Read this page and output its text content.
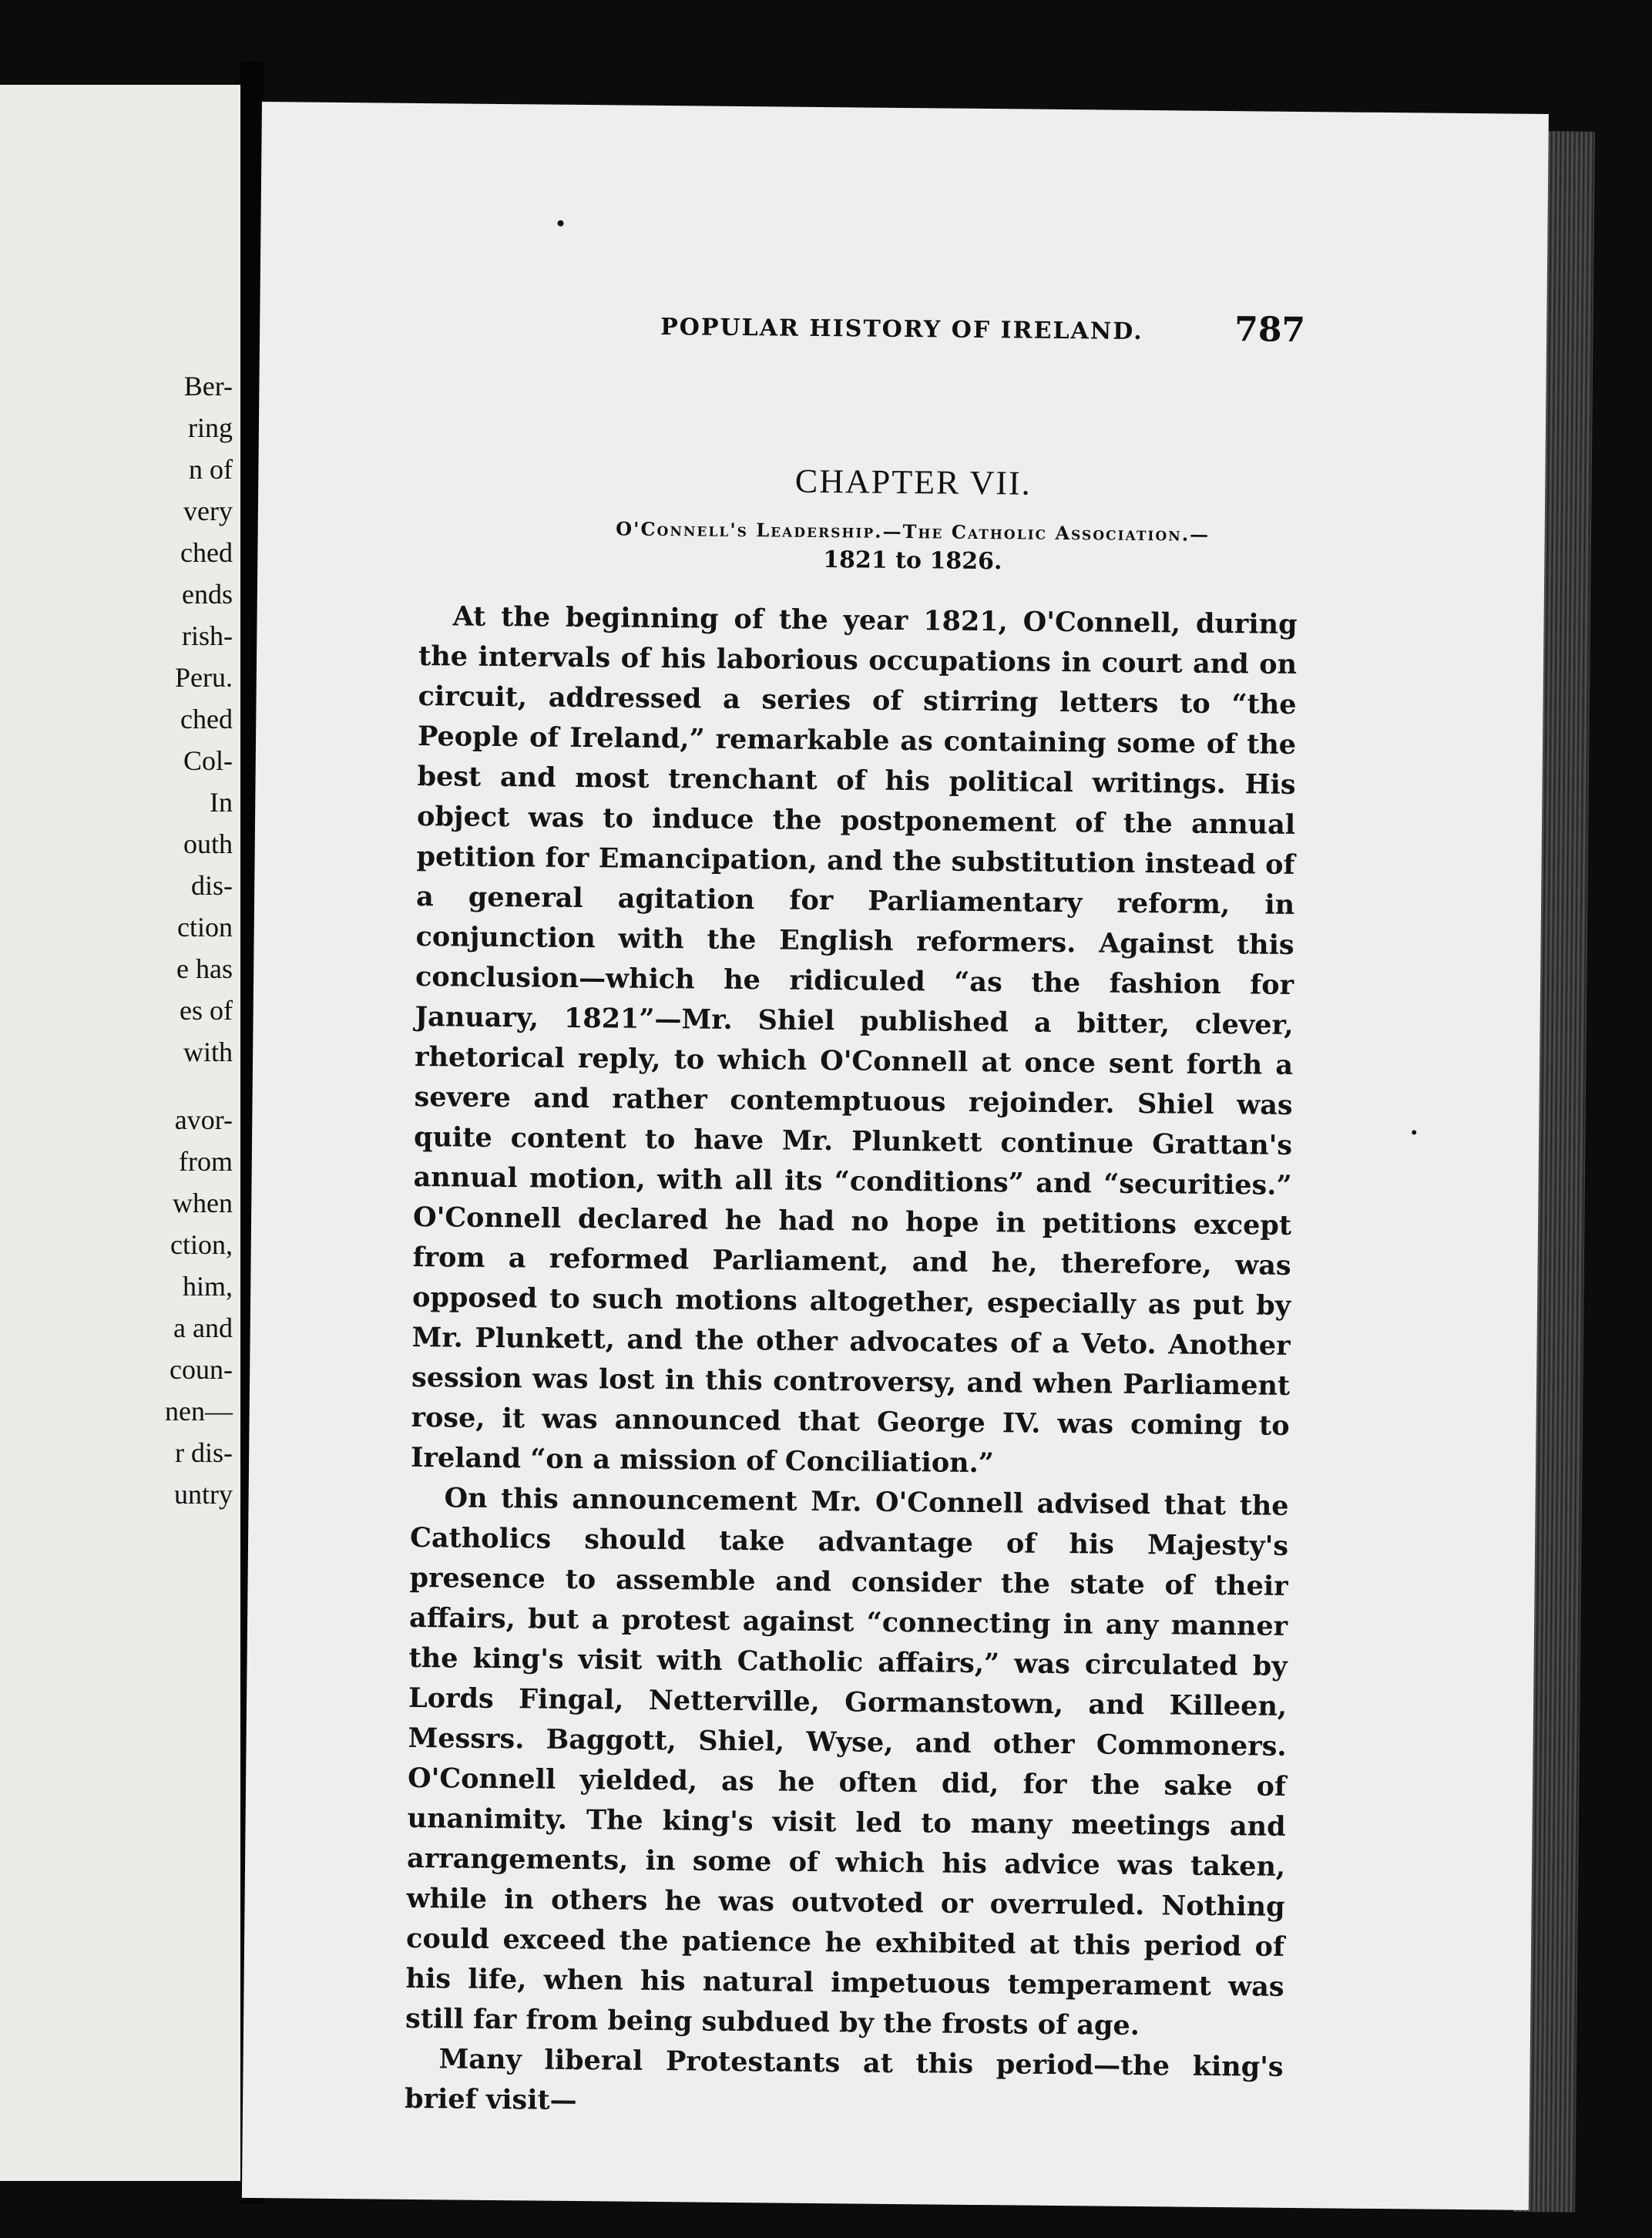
Ber-
ring
n of
very
ched
ends
rish-
Peru.
ched
Col-
In
outh
dis-
ction
e has
es of
with
avor-
from
when
ction,
him,
a and
coun-
nen—
r dis-
untry
POPULAR HISTORY OF IRELAND.	787
CHAPTER VII.
O'Connell's Leadership.—The Catholic Association.—
1821 to 1826.

At the beginning of the year 1821, O'Connell, during the intervals of his laborious occupations in court and on circuit, addressed a series of stirring letters to “the People of Ireland,” remarkable as containing some of the best and most trenchant of his political writings. His object was to induce the postponement of the annual petition for Emancipation, and the substitution instead of a general agitation for Parliamentary reform, in conjunction with the English reformers. Against this conclusion—which he ridiculed “as the fashion for January, 1821”—Mr. Shiel published a bitter, clever, rhetorical reply, to which O'Connell at once sent forth a severe and rather contemptuous rejoinder. Shiel was quite content to have Mr. Plunkett continue Grattan's annual motion, with all its “conditions” and “securities.” O'Connell declared he had no hope in petitions except from a reformed Parliament, and he, therefore, was opposed to such motions altogether, especially as put by Mr. Plunkett, and the other advocates of a Veto. Another session was lost in this controversy, and when Parliament rose, it was announced that George IV. was coming to Ireland “on a mission of Conciliation.”

On this announcement Mr. O'Connell advised that the Catholics should take advantage of his Majesty's presence to assemble and consider the state of their affairs, but a protest against “connecting in any manner the king's visit with Catholic affairs,” was circulated by Lords Fingal, Netterville, Gormanstown, and Killeen, Messrs. Baggott, Shiel, Wyse, and other Commoners. O'Connell yielded, as he often did, for the sake of unanimity. The king's visit led to many meetings and arrangements, in some of which his advice was taken, while in others he was outvoted or overruled. Nothing could exceed the patience he exhibited at this period of his life, when his natural impetuous temperament was still far from being subdued by the frosts of age.

Many liberal Protestants at this period—the king's brief visit—
